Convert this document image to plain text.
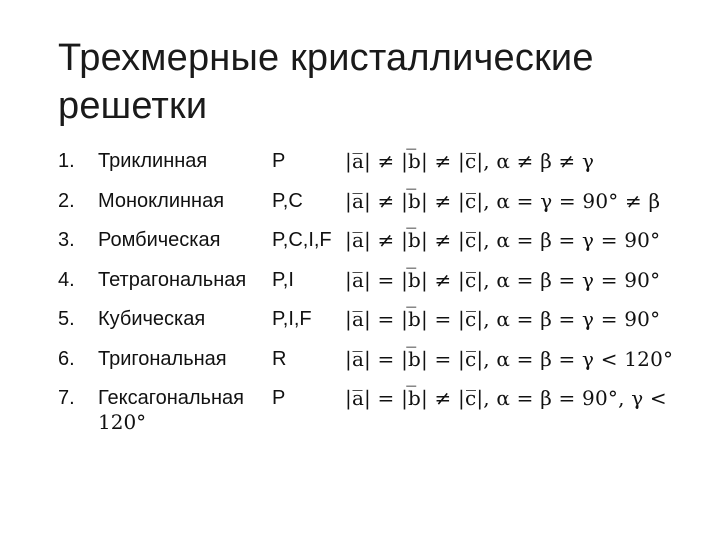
Трехмерные кристаллические
решетки
1.	Триклинная	P	|a̅| ≠ |b̅| ≠ |c̅|, α ≠ β ≠ γ
2.	Моноклинная P,C |a̅| ≠ |b̅| ≠ |c̅|, α = γ = 90° ≠ β
3.	Ромбическая	P,C,I,F |a̅| ≠ |b̅| ≠ |c̅|, α = β = γ = 90°
4.	Тетрагональная P,I	|a̅| = |b̅| ≠ |c̅|, α = β = γ = 90°
5.	Кубическая	P,I,F |a̅| = |b̅| = |c̅|, α = β = γ = 90°
6.	Тригональная R	|a̅| = |b̅| = |c̅|, α = β = γ < 120°
7.	Гексагональная P	|a̅| = |b̅| ≠ |c̅|, α = β = 90°, γ <
120°
